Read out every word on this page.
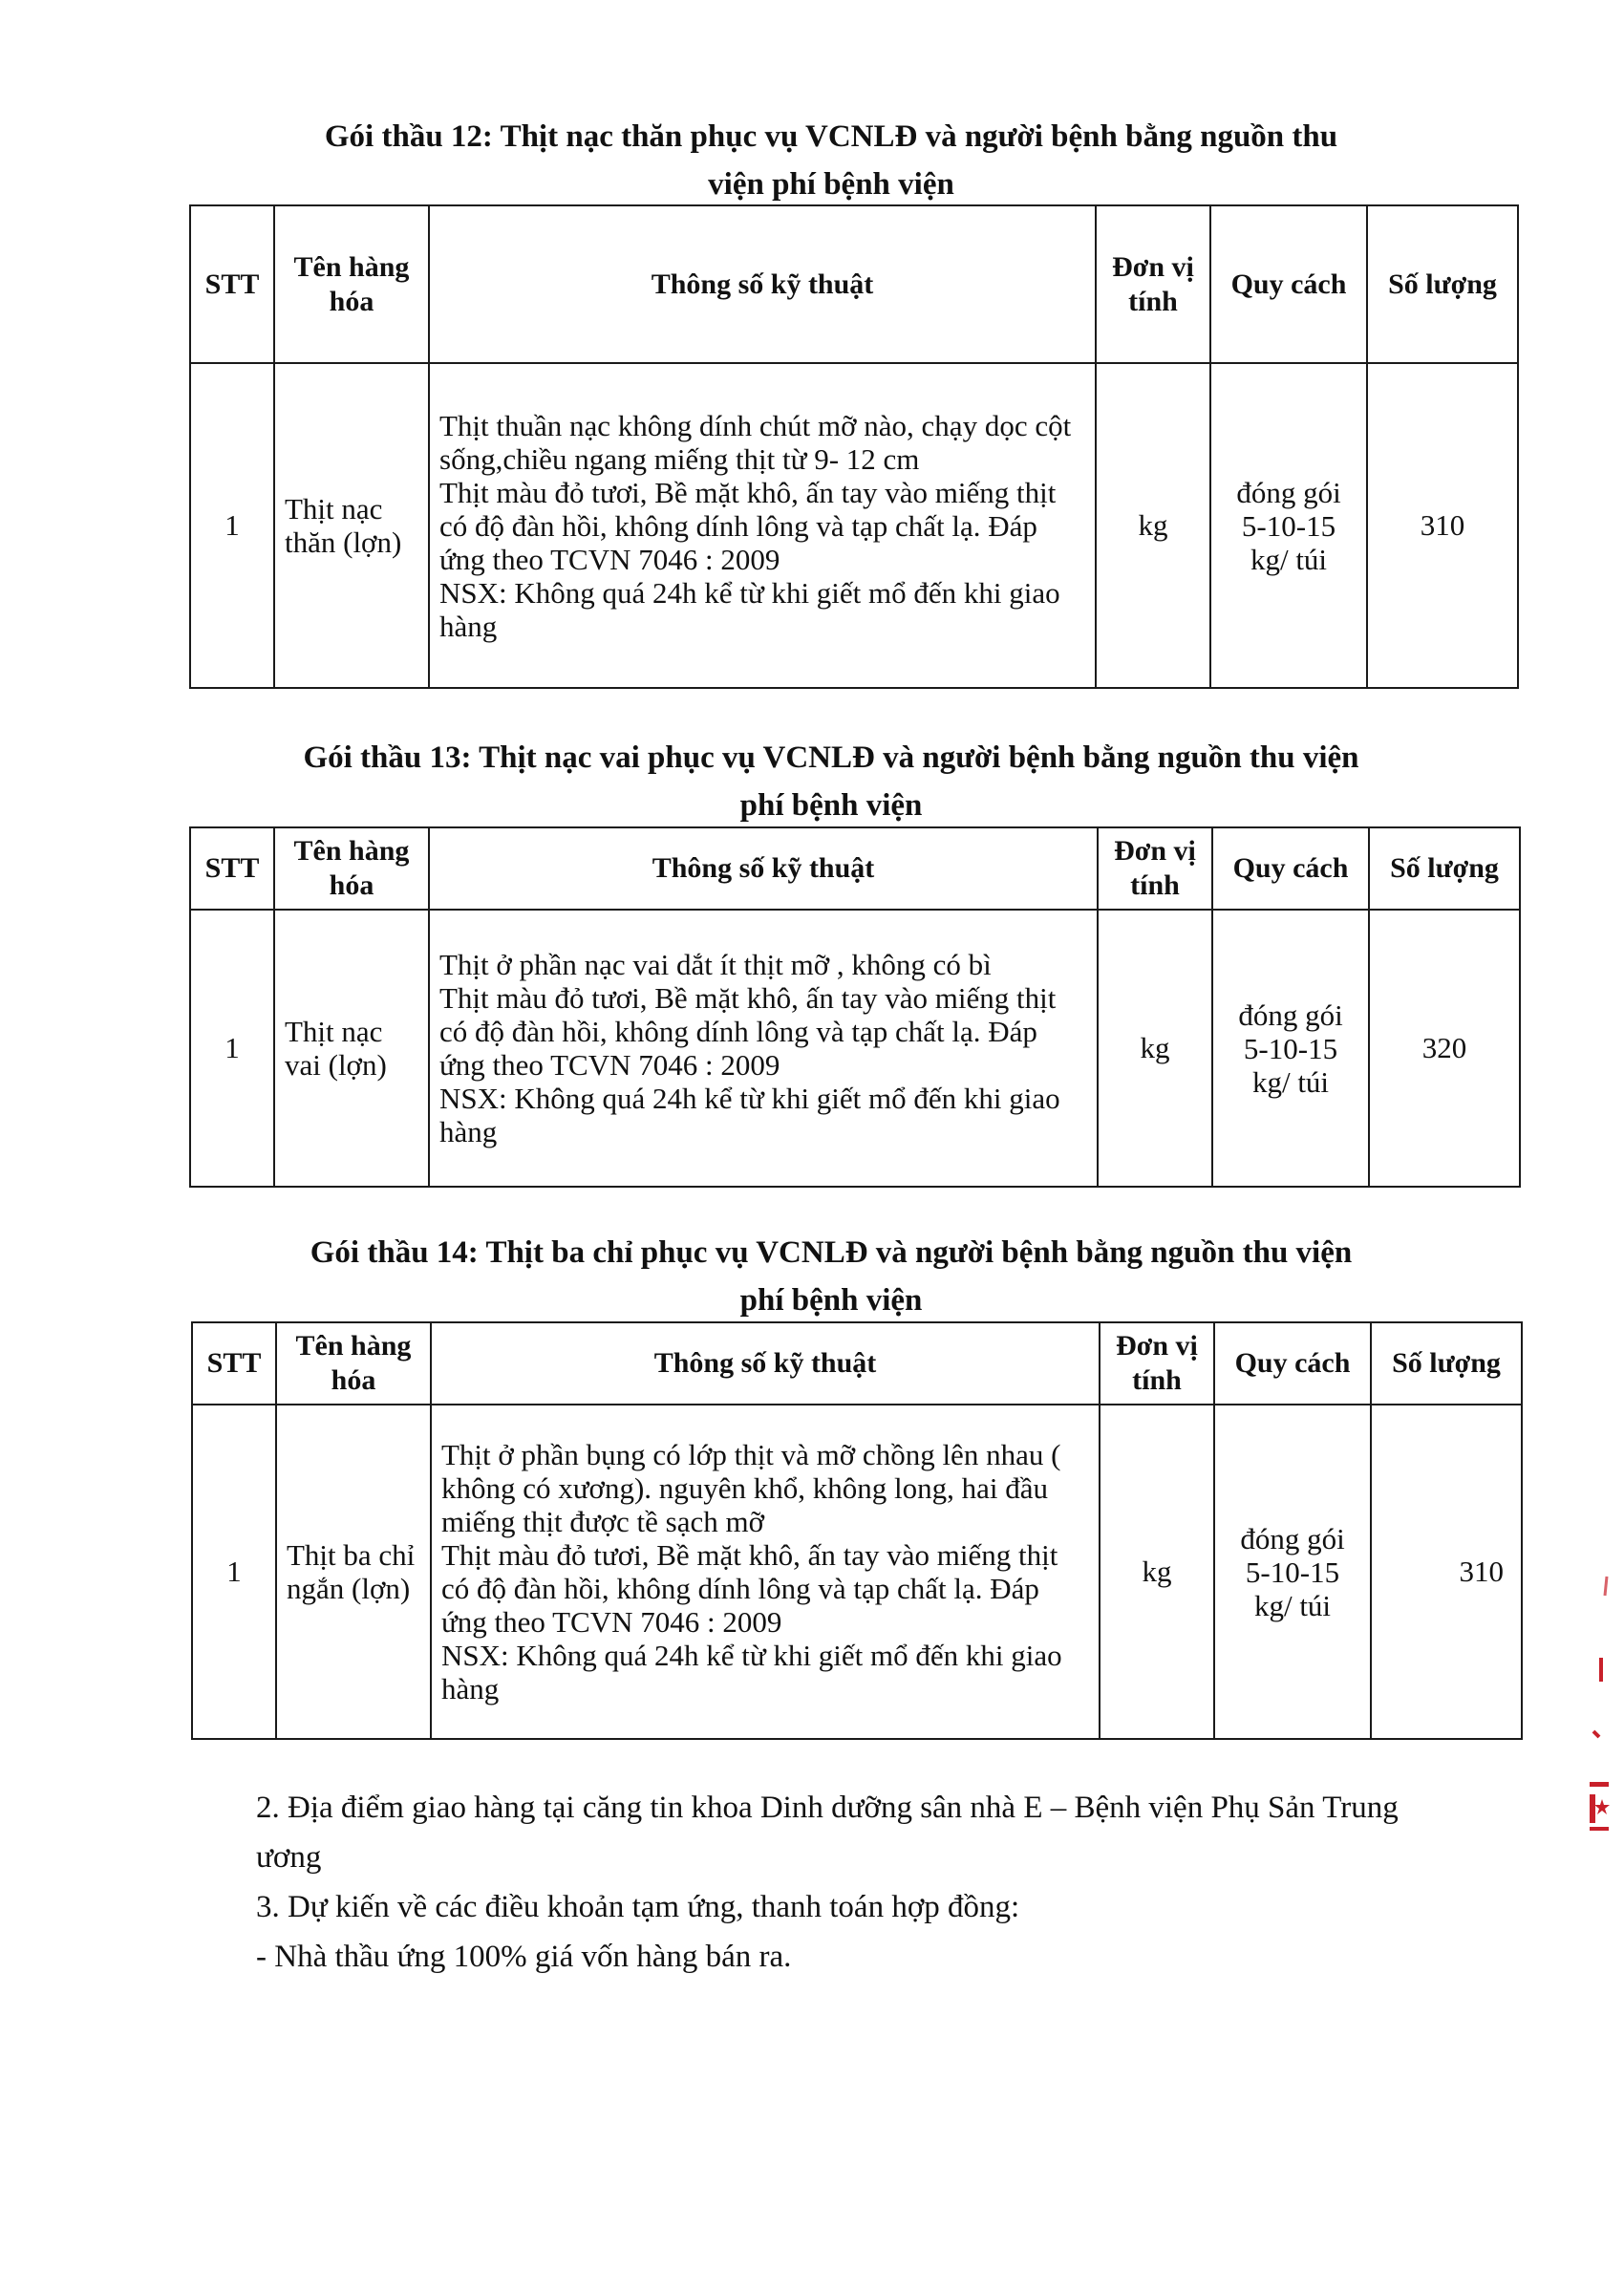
Gói thầu 12: Thịt nạc thăn phục vụ VCNLĐ và người bệnh bằng nguồn thu
viện phí bệnh viện
STT	Tên hàng hóa	Thông số kỹ thuật	Đơn vị tính	Quy cách	Số lượng
1	Thịt nạc thăn (lợn)	Thịt thuần nạc không dính chút mỡ nào, chạy dọc cột sống,chiều ngang miếng thịt từ 9- 12 cm
Thịt màu đỏ tươi, Bề mặt khô, ấn tay vào miếng thịt có độ đàn hồi, không dính lông và tạp chất lạ. Đáp ứng theo TCVN 7046 : 2009
NSX: Không quá 24h kể từ khi giết mổ đến khi giao hàng	kg	đóng gói 5-10-15 kg/ túi	310
Gói thầu 13: Thịt nạc vai phục vụ VCNLĐ và người bệnh bằng nguồn thu viện
phí bệnh viện
STT	Tên hàng hóa	Thông số kỹ thuật	Đơn vị tính	Quy cách	Số lượng
1	Thịt nạc vai (lợn)	Thịt ở phần nạc vai dắt ít thịt mỡ , không có bì
Thịt màu đỏ tươi, Bề mặt khô, ấn tay vào miếng thịt có độ đàn hồi, không dính lông và tạp chất lạ. Đáp ứng theo TCVN 7046 : 2009
NSX: Không quá 24h kể từ khi giết mổ đến khi giao hàng	kg	đóng gói 5-10-15 kg/ túi	320
Gói thầu 14: Thịt ba chỉ phục vụ VCNLĐ và người bệnh bằng nguồn thu viện
phí bệnh viện
STT	Tên hàng hóa	Thông số kỹ thuật	Đơn vị tính	Quy cách	Số lượng
1	Thịt ba chỉ ngắn (lợn)	Thịt ở phần bụng có lớp thịt và mỡ chồng lên nhau ( không có xương). nguyên khổ, không long, hai đầu miếng thịt được tề sạch mỡ
Thịt màu đỏ tươi, Bề mặt khô, ấn tay vào miếng thịt có độ đàn hồi, không dính lông và tạp chất lạ. Đáp ứng theo TCVN 7046 : 2009
NSX: Không quá 24h kể từ khi giết mổ đến khi giao hàng	kg	đóng gói 5-10-15 kg/ túi	310

2. Địa điểm giao hàng tại căng tin khoa Dinh dưỡng sân nhà E – Bệnh viện Phụ Sản Trung ương

3. Dự kiến về các điều khoản tạm ứng, thanh toán hợp đồng:

- Nhà thầu ứng 100% giá vốn hàng bán ra.
